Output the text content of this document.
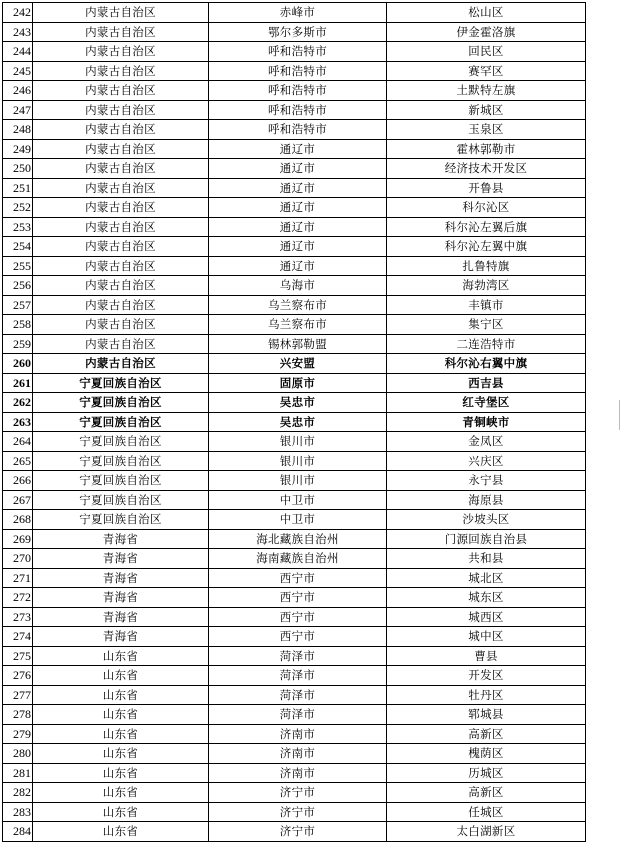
242	内蒙古自治区	赤峰市	松山区
243	内蒙古自治区	鄂尔多斯市	伊金霍洛旗
244	内蒙古自治区	呼和浩特市	回民区
245	内蒙古自治区	呼和浩特市	赛罕区
246	内蒙古自治区	呼和浩特市	土默特左旗
247	内蒙古自治区	呼和浩特市	新城区
248	内蒙古自治区	呼和浩特市	玉泉区
249	内蒙古自治区	通辽市	霍林郭勒市
250	内蒙古自治区	通辽市	经济技术开发区
251	内蒙古自治区	通辽市	开鲁县
252	内蒙古自治区	通辽市	科尔沁区
253	内蒙古自治区	通辽市	科尔沁左翼后旗
254	内蒙古自治区	通辽市	科尔沁左翼中旗
255	内蒙古自治区	通辽市	扎鲁特旗
256	内蒙古自治区	乌海市	海勃湾区
257	内蒙古自治区	乌兰察布市	丰镇市
258	内蒙古自治区	乌兰察布市	集宁区
259	内蒙古自治区	锡林郭勒盟	二连浩特市
260	内蒙古自治区	兴安盟	科尔沁右翼中旗
261	宁夏回族自治区	固原市	西吉县
262	宁夏回族自治区	吴忠市	红寺堡区
263	宁夏回族自治区	吴忠市	青铜峡市
264	宁夏回族自治区	银川市	金凤区
265	宁夏回族自治区	银川市	兴庆区
266	宁夏回族自治区	银川市	永宁县
267	宁夏回族自治区	中卫市	海原县
268	宁夏回族自治区	中卫市	沙坡头区
269	青海省	海北藏族自治州	门源回族自治县
270	青海省	海南藏族自治州	共和县
271	青海省	西宁市	城北区
272	青海省	西宁市	城东区
273	青海省	西宁市	城西区
274	青海省	西宁市	城中区
275	山东省	菏泽市	曹县
276	山东省	菏泽市	开发区
277	山东省	菏泽市	牡丹区
278	山东省	菏泽市	郓城县
279	山东省	济南市	高新区
280	山东省	济南市	槐荫区
281	山东省	济南市	历城区
282	山东省	济宁市	高新区
283	山东省	济宁市	任城区
284	山东省	济宁市	太白湖新区
